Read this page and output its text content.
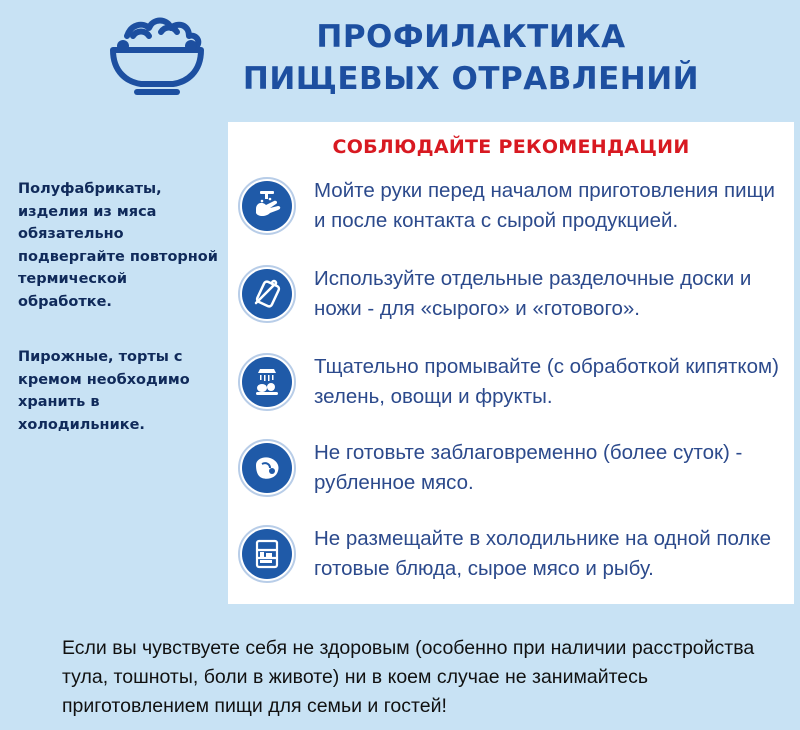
ПРОФИЛАКТИКА
ПИЩЕВЫХ ОТРАВЛЕНИЙ

Полуфабрикаты, изделия из мяса обязательно подвергайте повторной термической обработке.

Пирожные, торты с кремом необходимо хранить в холодильнике.

СОБЛЮДАЙТЕ РЕКОМЕНДАЦИИ
Мойте руки перед началом приготовления пищи и после контакта с сырой продукцией.
Используйте отдельные разделочные доски и ножи - для «сырого» и «готового».
Тщательно промывайте (с обработкой кипятком) зелень, овощи и фрукты.
Не готовьте заблаговременно (более суток) - рубленное мясо.
Не размещайте в холодильнике на одной полке готовые блюда, сырое мясо и рыбу.
Если вы чувствуете себя не здоровым (особенно при наличии расстройства тула, тошноты, боли в животе) ни в коем случае не занимайтесь приготовлением пищи для семьи и гостей!
